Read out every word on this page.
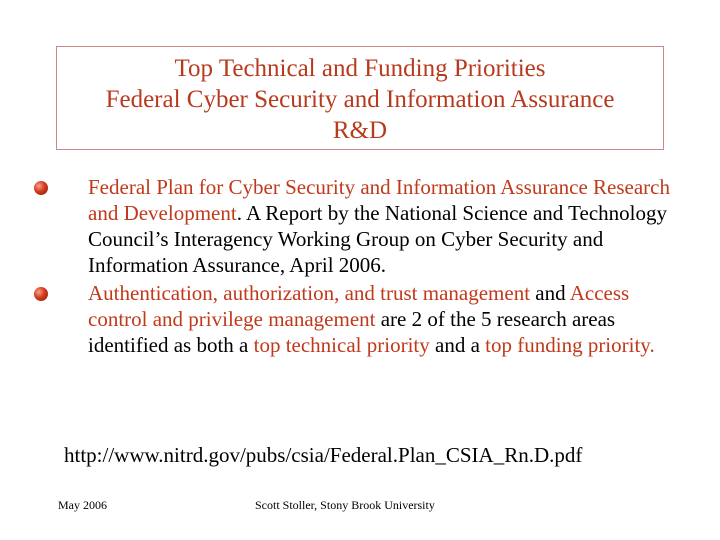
Top Technical and Funding Priorities
Federal Cyber Security and Information Assurance
R&D
Federal Plan for Cyber Security and Information Assurance Research and Development. A Report by the National Science and Technology Council’s Interagency Working Group on Cyber Security and Information Assurance, April 2006.
Authentication, authorization, and trust management and Access control and privilege management are 2 of the 5 research areas identified as both a top technical priority and a top funding priority.
http://www.nitrd.gov/pubs/csia/Federal.Plan_CSIA_Rn.D.pdf
May 2006	Scott Stoller, Stony Brook University
